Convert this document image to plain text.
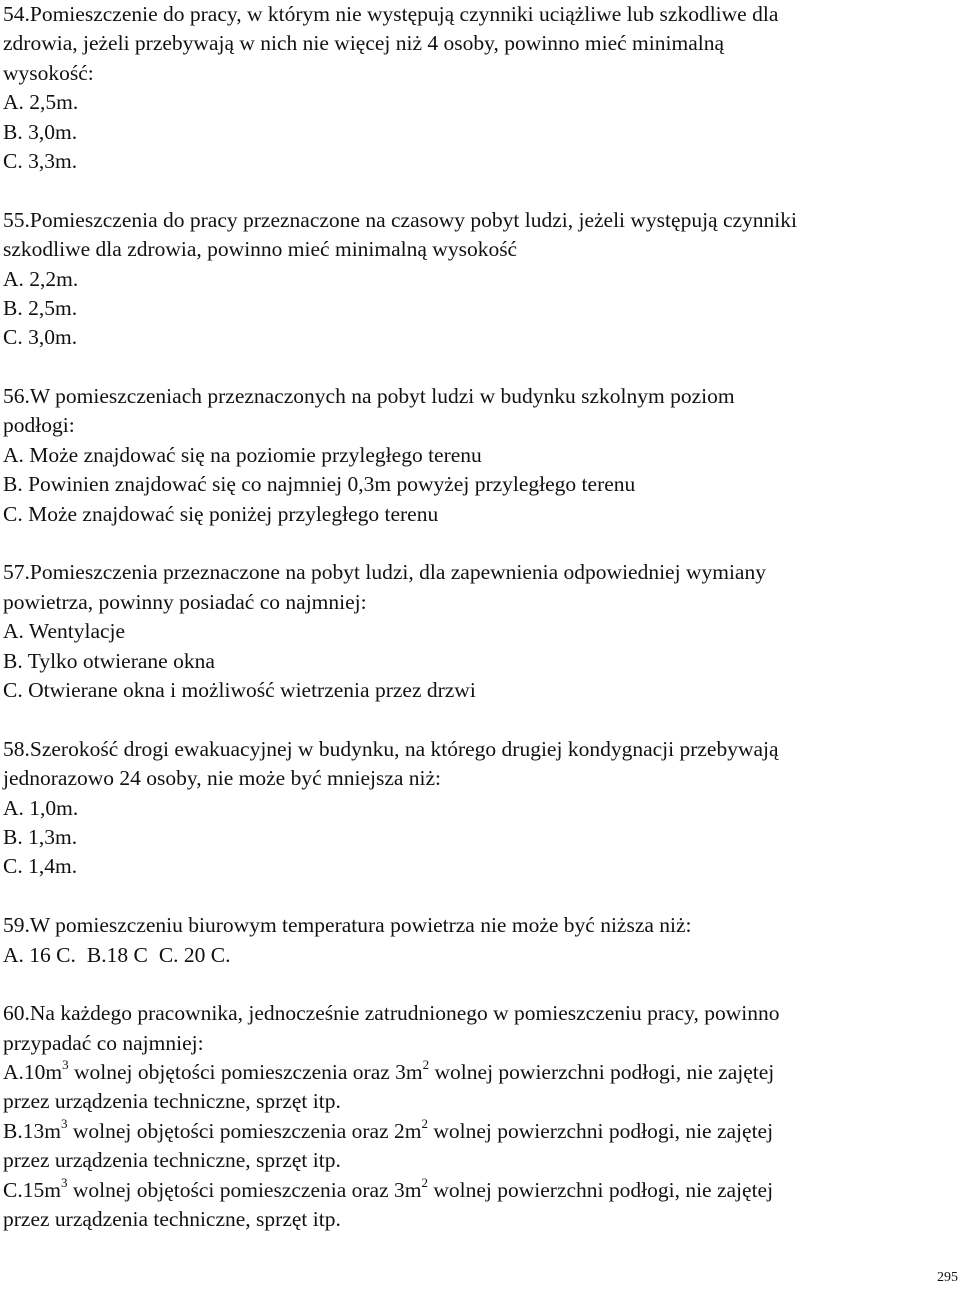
54.Pomieszczenie do pracy, w którym nie występują czynniki uciążliwe lub szkodliwe dla
zdrowia, jeżeli przebywają w nich nie więcej niż 4 osoby, powinno mieć minimalną
wysokość:
A. 2,5m.
B. 3,0m.
C. 3,3m.
55.Pomieszczenia do pracy przeznaczone na czasowy pobyt ludzi, jeżeli występują czynniki
szkodliwe dla zdrowia, powinno mieć minimalną wysokość
A. 2,2m.
B. 2,5m.
C. 3,0m.
56.W pomieszczeniach przeznaczonych na pobyt ludzi w budynku szkolnym poziom
podłogi:
A. Może znajdować się na poziomie przyległego terenu
B. Powinien znajdować się co najmniej 0,3m powyżej przyległego terenu
C. Może znajdować się poniżej przyległego terenu
57.Pomieszczenia przeznaczone na pobyt ludzi, dla zapewnienia odpowiedniej wymiany
powietrza, powinny posiadać co najmniej:
A. Wentylacje
B. Tylko otwierane okna
C. Otwierane okna i możliwość wietrzenia przez drzwi
58.Szerokość drogi ewakuacyjnej w budynku, na którego drugiej kondygnacji przebywają
jednorazowo 24 osoby, nie może być mniejsza niż:
A. 1,0m.
B. 1,3m.
C. 1,4m.
59.W pomieszczeniu biurowym temperatura powietrza nie może być niższa niż:
A. 16 C. B.18 C C. 20 C.
60.Na każdego pracownika, jednocześnie zatrudnionego w pomieszczeniu pracy, powinno
przypadać co najmniej:
$A.10m^3$ wolnej objętości pomieszczenia oraz $3m^2$ wolnej powierzchni podłogi, nie zajętej
przez urządzenia techniczne, sprzęt itp.
$B.13m^3$ wolnej objętości pomieszczenia oraz $2m^2$ wolnej powierzchni podłogi, nie zajętej
przez urządzenia techniczne, sprzęt itp.
$C.15m^3$ wolnej objętości pomieszczenia oraz $3m^2$ wolnej powierzchni podłogi, nie zajętej
przez urządzenia techniczne, sprzęt itp.
295
